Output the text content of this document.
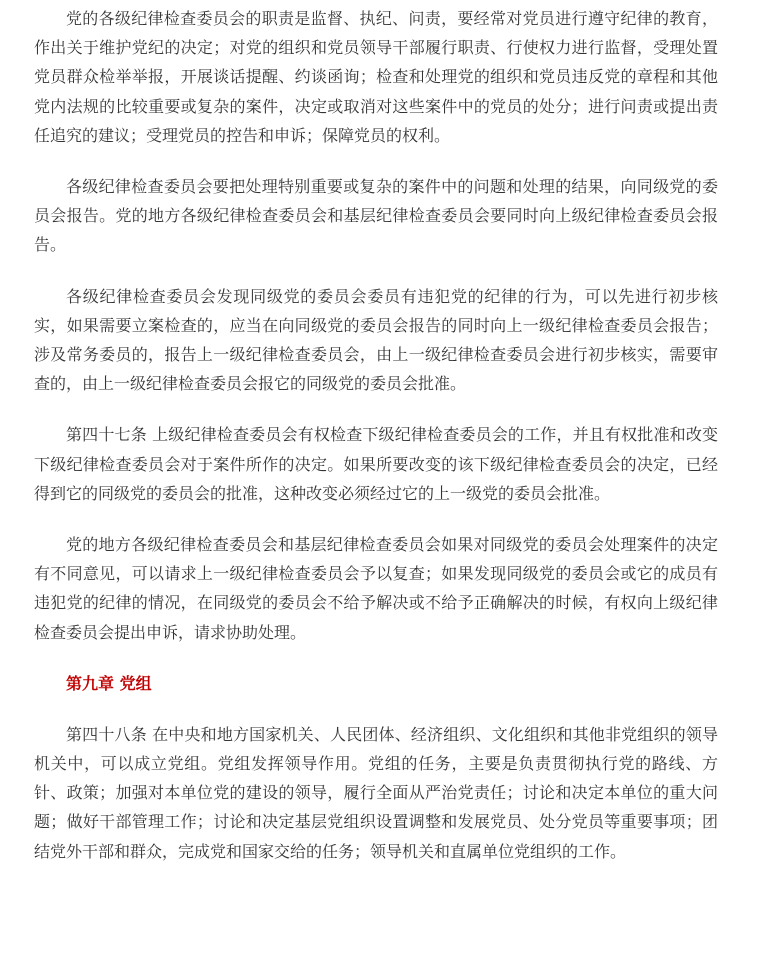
党的各级纪律检查委员会的职责是监督、执纪、问责，要经常对党员进行遵守纪律的教育，作出关于维护党纪的决定；对党的组织和党员领导干部履行职责、行使权力进行监督，受理处置党员群众检举举报，开展谈话提醒、约谈函询；检查和处理党的组织和党员违反党的章程和其他党内法规的比较重要或复杂的案件，决定或取消对这些案件中的党员的处分；进行问责或提出责任追究的建议；受理党员的控告和申诉；保障党员的权利。

各级纪律检查委员会要把处理特别重要或复杂的案件中的问题和处理的结果，向同级党的委员会报告。党的地方各级纪律检查委员会和基层纪律检查委员会要同时向上级纪律检查委员会报告。

各级纪律检查委员会发现同级党的委员会委员有违犯党的纪律的行为，可以先进行初步核实，如果需要立案检查的，应当在向同级党的委员会报告的同时向上一级纪律检查委员会报告；涉及常务委员的，报告上一级纪律检查委员会，由上一级纪律检查委员会进行初步核实，需要审查的，由上一级纪律检查委员会报它的同级党的委员会批准。

第四十七条 上级纪律检查委员会有权检查下级纪律检查委员会的工作，并且有权批准和改变下级纪律检查委员会对于案件所作的决定。如果所要改变的该下级纪律检查委员会的决定，已经得到它的同级党的委员会的批准，这种改变必须经过它的上一级党的委员会批准。

党的地方各级纪律检查委员会和基层纪律检查委员会如果对同级党的委员会处理案件的决定有不同意见，可以请求上一级纪律检查委员会予以复查；如果发现同级党的委员会或它的成员有违犯党的纪律的情况，在同级党的委员会不给予解决或不给予正确解决的时候，有权向上级纪律检查委员会提出申诉，请求协助处理。

第九章 党组

第四十八条 在中央和地方国家机关、人民团体、经济组织、文化组织和其他非党组织的领导机关中，可以成立党组。党组发挥领导作用。党组的任务，主要是负责贯彻执行党的路线、方针、政策；加强对本单位党的建设的领导，履行全面从严治党责任；讨论和决定本单位的重大问题；做好干部管理工作；讨论和决定基层党组织设置调整和发展党员、处分党员等重要事项；团结党外干部和群众，完成党和国家交给的任务；领导机关和直属单位党组织的工作。
